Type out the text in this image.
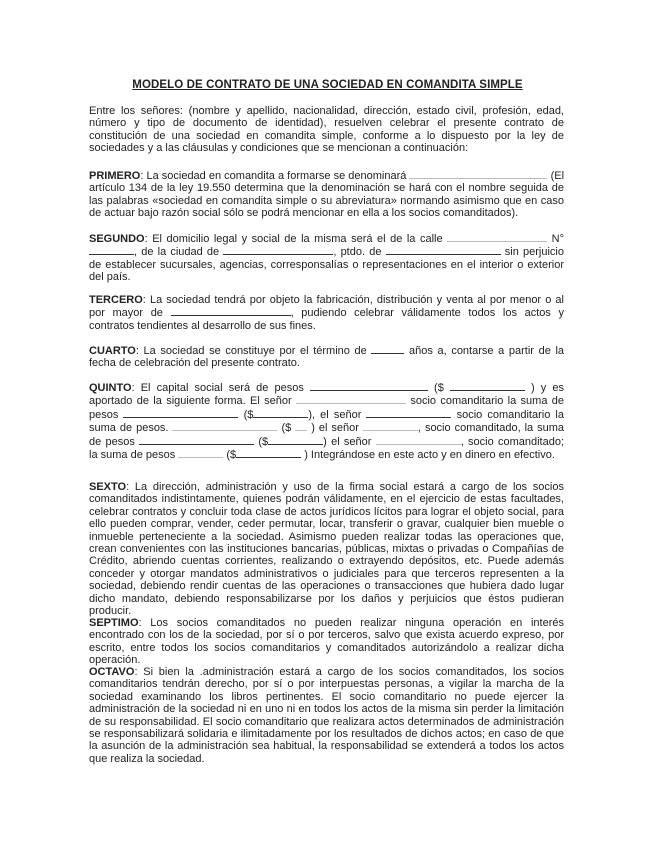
MODELO DE CONTRATO DE UNA SOCIEDAD EN COMANDITA SIMPLE

Entre los señores: (nombre y apellido, nacionalidad, dirección, estado civil, profesión, edad, número y tipo de documento de identidad), resuelven celebrar el presente contrato de constitución de una sociedad en comandita simple, conforme a lo dispuesto por la ley de sociedades y a las cláusulas y condiciones que se mencionan a continuación:

PRIMERO: La sociedad en comandita a formarse se denominará	(El artículo 134 de la ley 19.550 determina que la denominación se hará con el nombre seguida de las palabras «sociedad en comandita simple o su abreviatura» normando asimismo que en caso de actuar bajo razón social sólo se podrá mencionar en ella a los socios comanditados).

SEGUNDO: El domicilio legal y social de la misma será el de la calle	N° , de la ciudad de	, ptdo. de	sin perjuicio de establecer sucursales, agencias, corresponsalías o representaciones en el interior o exterior del país.

TERCERO: La sociedad tendrá por objeto la fabricación, distribución y venta al por menor o al por mayor de	, pudiendo celebrar válidamente todos los actos y contratos tendientes al desarrollo de sus fines.

CUARTO: La sociedad se constituye por el término de	años a, contarse a partir de la fecha de celebración del presente contrato.

QUINTO: El capital social será de pesos	($	) y es aportado de la siguiente forma. El señor	socio comanditario la suma de pesos	($	), el señor	socio comanditario la suma de pesos.	($ ) el señor	, socio comanditado, la suma de pesos	($	) el señor	, socio comanditado; la suma de pesos	($	) Integrándose en este acto y en dinero en efectivo.

SEXTO: La dirección, administración y uso de la firma social estará a cargo de los socios comanditados indistintamente, quienes podrán válidamente, en el ejercicio de estas facultades, celebrar contratos y concluir toda clase de actos jurídicos lícitos para lograr el objeto social, para ello pueden comprar, vender, ceder permutar, locar, transferir o gravar, cualquier bien mueble o inmueble perteneciente a la sociedad. Asimismo pueden realizar todas las operaciones que, crean convenientes con las instituciones bancarias, públicas, mixtas o privadas o Compañías de Crédito, abriendo cuentas corrientes, realizando o extrayendo depósitos, etc. Puede además conceder y otorgar mandatos administrativos o judiciales para que terceros representen a la sociedad, debiendo rendir cuentas de las operaciones o transacciones que hubiera dado lugar dicho mandato, debiendo responsabilizarse por los daños y perjuicios que éstos pudieran producir.

SEPTIMO: Los socios comanditados no pueden realizar ninguna operación en interés encontrado con los de la sociedad, por sí o por terceros, salvo que exista acuerdo expreso, por escrito, entre todos los socios comanditarios y comanditados autorizándolo a realizar dicha operación.

OCTAVO: Si bien la .administración estará a cargo de los socios comanditados, los socios comanditarios tendrán derecho, por sí o por interpuestas personas, a vigilar la marcha de la sociedad examinando los libros pertinentes. El socio comanditario no puede ejercer la administración de la sociedad ni en uno ni en todos los actos de la misma sin perder la limitación de su responsabilidad. El socio comanditario que realizara actos determinados de administración se responsabilizará solidaria e ilimitadamente por los resultados de dichos actos; en caso de que la asunción de la administración sea habitual, la responsabilidad se extenderá a todos los actos que realiza la sociedad.
